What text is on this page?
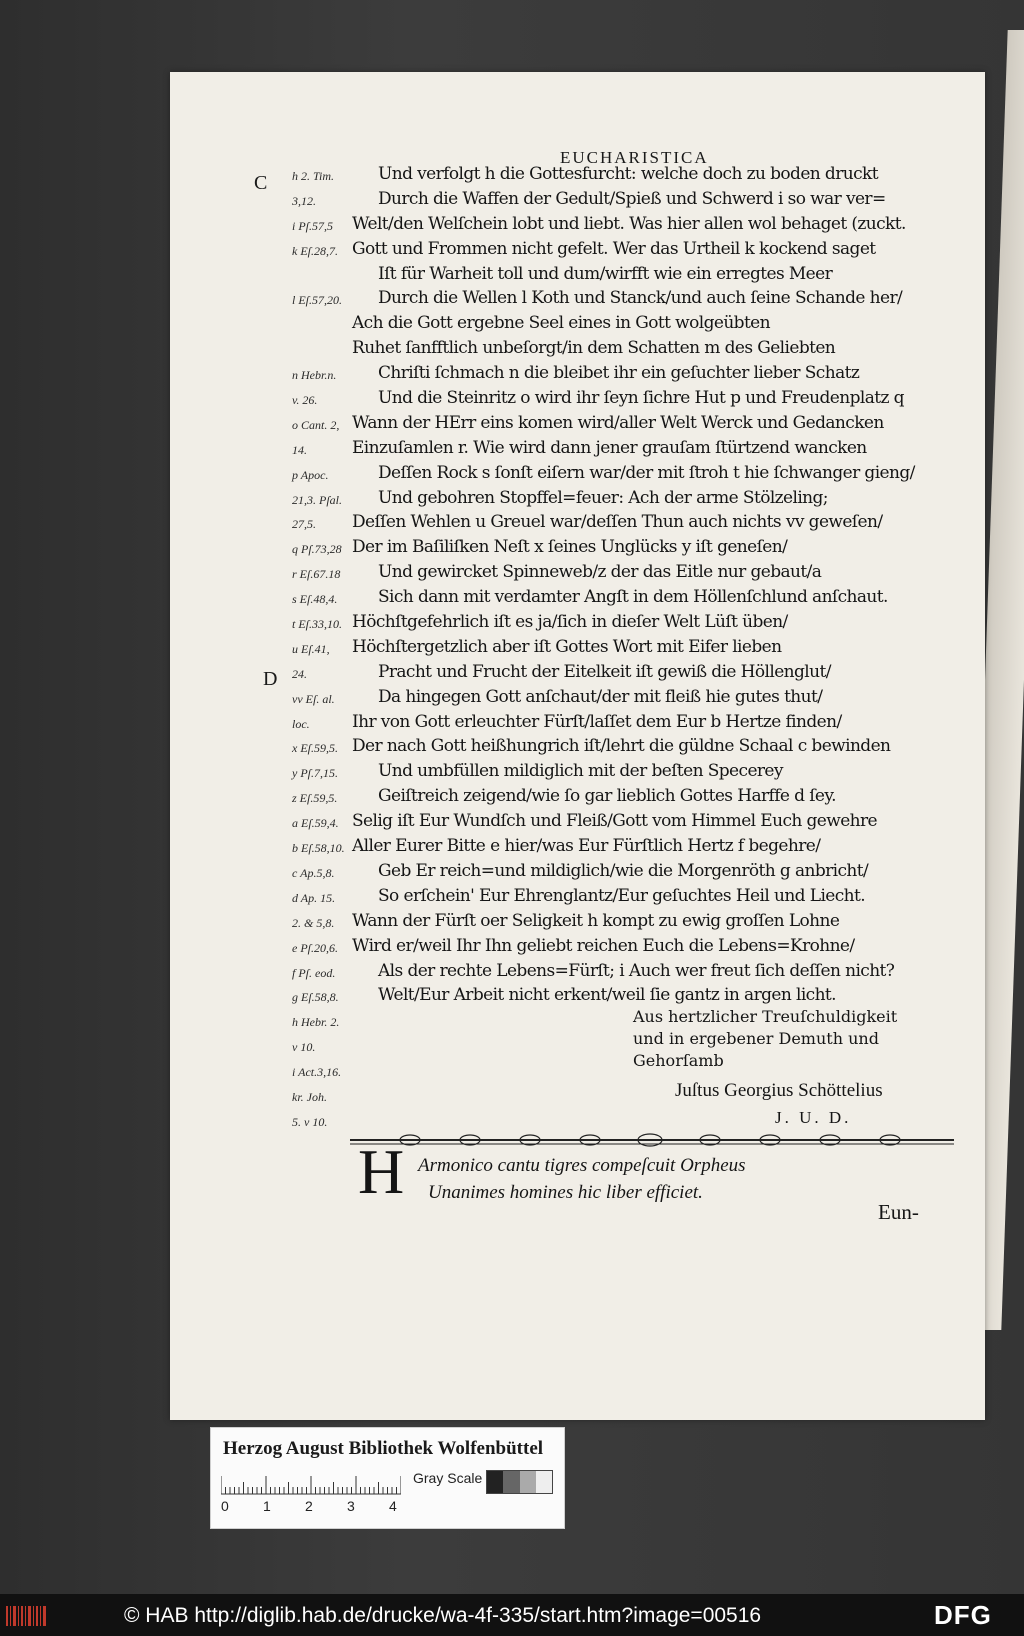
EUCHARISTICA
C
D
h 2. Tim.
3,12.
i Pſ.57,5
k Eſ.28,7.
l Eſ.57,20.
n Hebr.n.
v. 26.
o Cant. 2,
14.
p Apoc.
21,3. Pſal.
27,5.
q Pſ.73,28
r Eſ.67.18
s Eſ.48,4.
t Eſ.33,10.
u Eſ.41,
24.
vv Eſ. al.
loc.
x Eſ.59,5.
y Pſ.7,15.
z Eſ.59,5.
a Eſ.59,4.
b Eſ.58,10.
c Ap.5,8.
d Ap. 15.
2. & 5,8.
e Pſ.20,6.
f Pſ. eod.
g Eſ.58,8.
h Hebr. 2.
v 10.
i Act.3,16.
kr. Joh.
5. v 10.
Und verfolgt h die Gottesfurcht: welche doch zu boden druckt
Durch die Waffen der Gedult/Spieß und Schwerd i so war ver=
Welt/den Welſchein lobt und liebt. Was hier allen wol behaget (zuckt.
Gott und Frommen nicht gefelt. Wer das Urtheil k kockend saget
Iſt für Warheit toll und dum/wirfft wie ein erregtes Meer
Durch die Wellen l Koth und Stanck/und auch ſeine Schande her/
Ach die Gott ergebne Seel eines in Gott wolgeübten
Ruhet ſanfftlich unbeſorgt/in dem Schatten m des Geliebten
Chriſti ſchmach n die bleibet ihr ein geſuchter lieber Schatz
Und die Steinritz o wird ihr ſeyn ſichre Hut p und Freudenplatz q
Wann der HErr eins komen wird/aller Welt Werck und Gedancken
Einzuſamlen r. Wie wird dann jener grauſam ſtürtzend wancken
Deſſen Rock s ſonſt eiſern war/der mit ſtroh t hie ſchwanger gieng/
Und gebohren Stopffel=feuer: Ach der arme Stölzeling;
Deſſen Wehlen u Greuel war/deſſen Thun auch nichts vv geweſen/
Der im Baſiliſken Neſt x ſeines Unglücks y iſt geneſen/
Und gewircket Spinneweb/z der das Eitle nur gebaut/a
Sich dann mit verdamter Angſt in dem Höllenſchlund anſchaut.
Höchſtgefehrlich iſt es ja/ſich in dieſer Welt Lüſt üben/
Höchſtergetzlich aber iſt Gottes Wort mit Eifer lieben
Pracht und Frucht der Eitelkeit iſt gewiß die Höllenglut/
Da hingegen Gott anſchaut/der mit fleiß hie gutes thut/
Ihr von Gott erleuchter Fürſt/laſſet dem Eur b Hertze finden/
Der nach Gott heißhungrich iſt/lehrt die güldne Schaal c bewinden
Und umbfüllen mildiglich mit der beſten Specerey
Geiſtreich zeigend/wie ſo gar lieblich Gottes Harffe d ſey.
Selig iſt Eur Wundſch und Fleiß/Gott vom Himmel Euch gewehre
Aller Eurer Bitte e hier/was Eur Fürſtlich Hertz f begehre/
Geb Er reich=und mildiglich/wie die Morgenröth g anbricht/
So erſchein' Eur Ehrenglantz/Eur geſuchtes Heil und Liecht.
Wann der Fürſt oer Seligkeit h kompt zu ewig groſſen Lohne
Wird er/weil Ihr Ihn geliebt reichen Euch die Lebens=Krohne/
Als der rechte Lebens=Fürſt; i Auch wer freut ſich deſſen nicht?
Welt/Eur Arbeit nicht erkent/weil ſie gantz in argen licht.
Aus hertzlicher Treuſchuldigkeit
und in ergebener Demuth und
Gehorſamb
Juſtus Georgius Schöttelius
J. U. D.
H Armonico cantu tigres compeſcuit Orpheus
Unanimes homines hic liber efficiet.
Eun-
Herzog August Bibliothek Wolfenbüttel
0 1 2 3 4
Gray Scale
© HAB http://diglib.hab.de/drucke/wa-4f-335/start.htm?image=00516	DFG
